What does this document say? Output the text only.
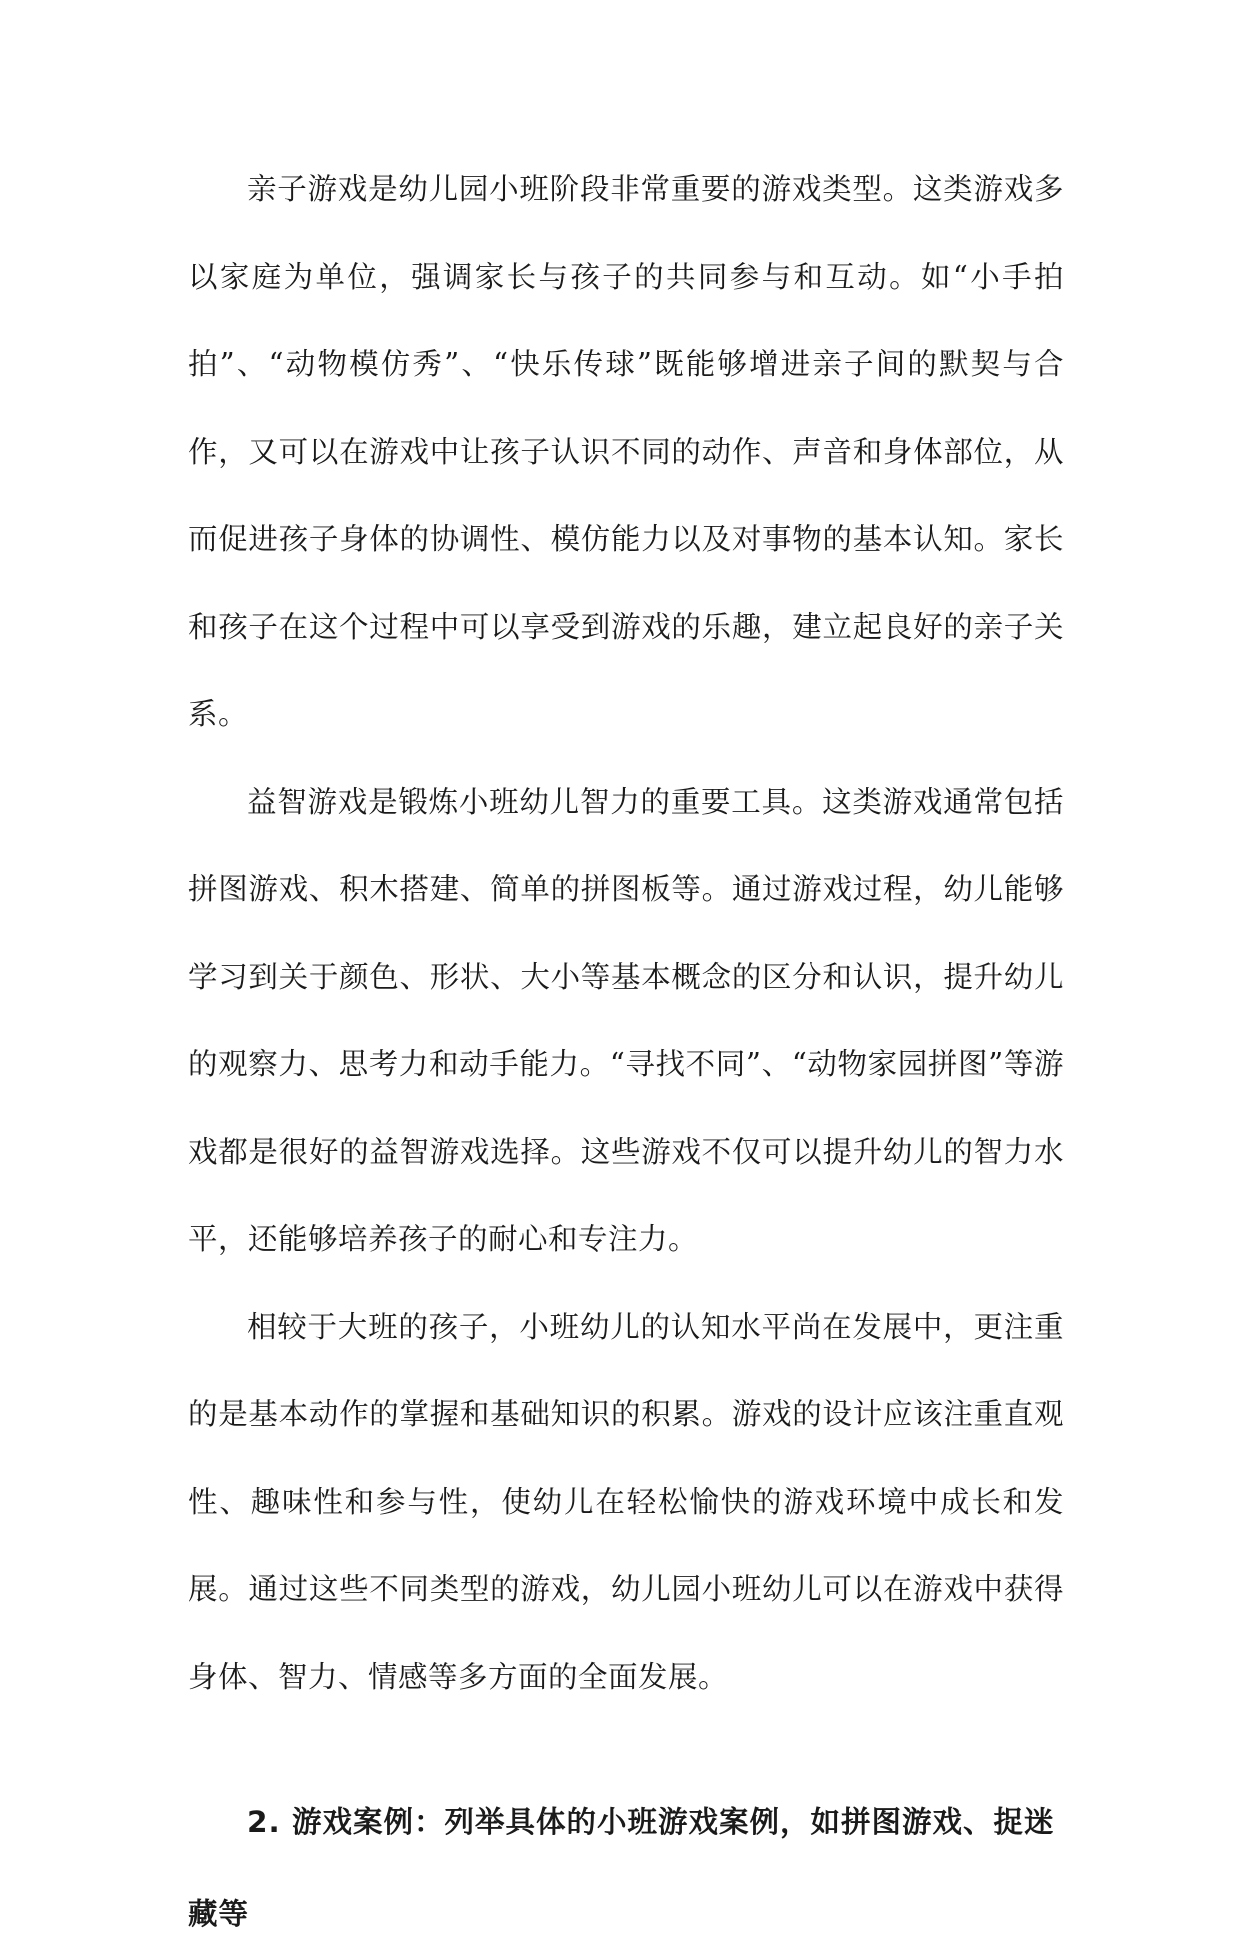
亲子游戏是幼儿园小班阶段非常重要的游戏类型。这类游戏多以家庭为单位，强调家长与孩子的共同参与和互动。如“小手拍拍”、“动物模仿秀”、“快乐传球”既能够增进亲子间的默契与合作，又可以在游戏中让孩子认识不同的动作、声音和身体部位，从而促进孩子身体的协调性、模仿能力以及对事物的基本认知。家长和孩子在这个过程中可以享受到游戏的乐趣，建立起良好的亲子关系。

益智游戏是锻炼小班幼儿智力的重要工具。这类游戏通常包括拼图游戏、积木搭建、简单的拼图板等。通过游戏过程，幼儿能够学习到关于颜色、形状、大小等基本概念的区分和认识，提升幼儿的观察力、思考力和动手能力。“寻找不同”、“动物家园拼图”等游戏都是很好的益智游戏选择。这些游戏不仅可以提升幼儿的智力水平，还能够培养孩子的耐心和专注力。

相较于大班的孩子，小班幼儿的认知水平尚在发展中，更注重的是基本动作的掌握和基础知识的积累。游戏的设计应该注重直观性、趣味性和参与性，使幼儿在轻松愉快的游戏环境中成长和发展。通过这些不同类型的游戏，幼儿园小班幼儿可以在游戏中获得身体、智力、情感等多方面的全面发展。

2. 游戏案例：列举具体的小班游戏案例，如拼图游戏、捉迷藏等
